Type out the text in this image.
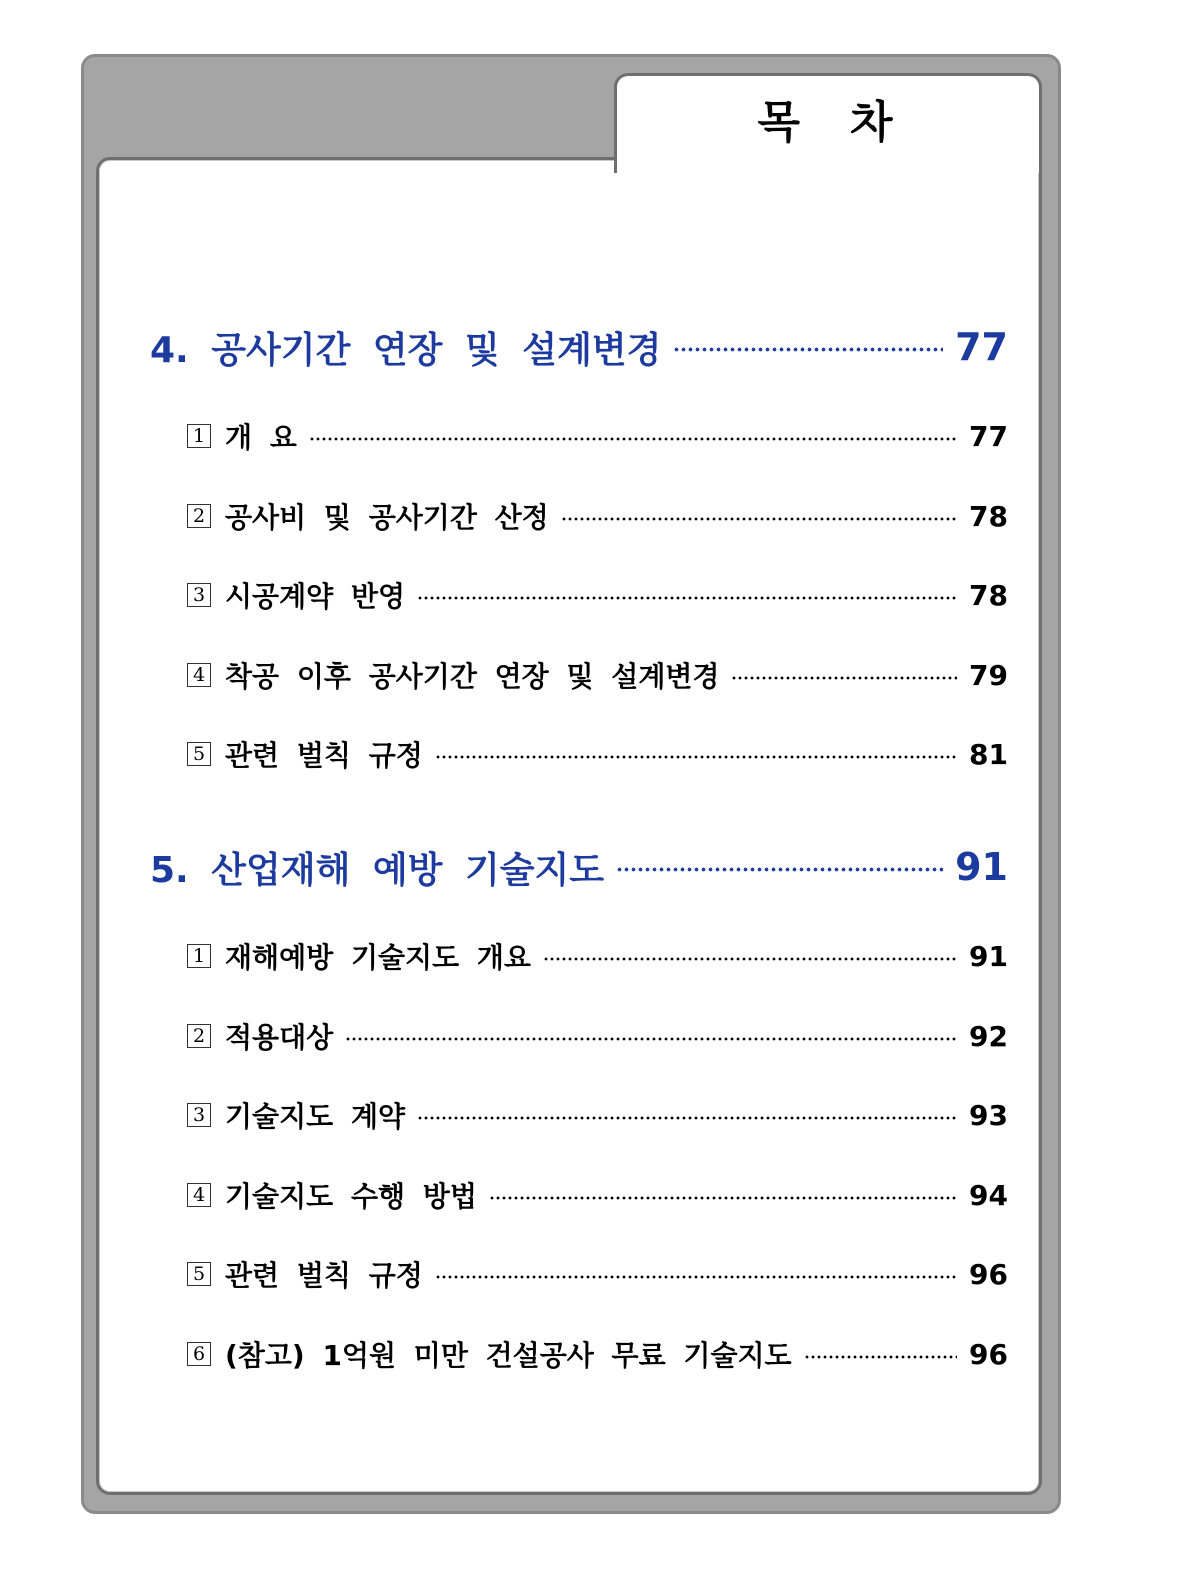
목 차
4. 공사기간 연장 및 설계변경	77
1 개 요	77
2 공사비 및 공사기간 산정	78
3 시공계약 반영	78
4 착공 이후 공사기간 연장 및 설계변경	79
5 관련 벌칙 규정	81
5. 산업재해 예방 기술지도	91
1 재해예방 기술지도 개요	91
2 적용대상	92
3 기술지도 계약	93
4 기술지도 수행 방법	94
5 관련 벌칙 규정	96
6 (참고) 1억원 미만 건설공사 무료 기술지도	96
